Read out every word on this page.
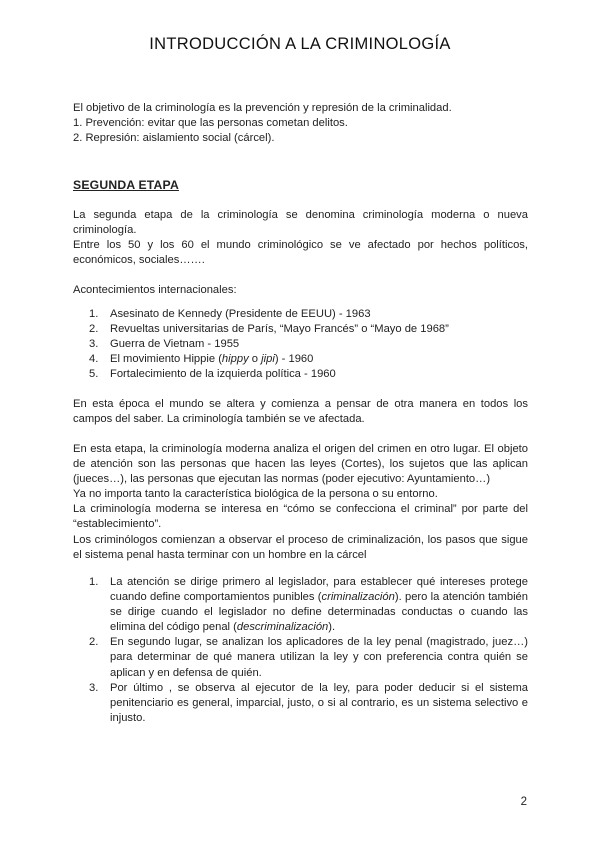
INTRODUCCIÓN A LA CRIMINOLOGÍA

El objetivo de la criminología es la prevención y represión de la criminalidad.

1. Prevención: evitar que las personas cometan delitos.

2. Represión: aislamiento social (cárcel).

SEGUNDA ETAPA

La segunda etapa de la criminología se denomina criminología moderna o nueva criminología.

Entre los 50 y los 60 el mundo criminológico se ve afectado por hechos políticos, económicos, sociales…….

Acontecimientos internacionales:
1. Asesinato de Kennedy (Presidente de EEUU) - 1963
2. Revueltas universitarias de París, “Mayo Francés” o “Mayo de 1968”
3. Guerra de Vietnam - 1955
4. El movimiento Hippie (hippy o jipi) - 1960
5. Fortalecimiento de la izquierda política - 1960
En esta época el mundo se altera y comienza a pensar de otra manera en todos los campos del saber. La criminología también se ve afectada.

En esta etapa, la criminología moderna analiza el origen del crimen en otro lugar. El objeto de atención son las personas que hacen las leyes (Cortes), los sujetos que las aplican (jueces…), las personas que ejecutan las normas (poder ejecutivo: Ayuntamiento…)

Ya no importa tanto la característica biológica de la persona o su entorno.

La criminología moderna se interesa en “cómo se confecciona el criminal” por parte del “establecimiento”.

Los criminólogos comienzan a observar el proceso de criminalización, los pasos que sigue el sistema penal hasta terminar con un hombre en la cárcel

1. La atención se dirige primero al legislador, para establecer qué intereses protege cuando define comportamientos punibles (criminalización). pero la atención también se dirige cuando el legislador no define determinadas conductas o cuando las elimina del código penal (descriminalización).
2. En segundo lugar, se analizan los aplicadores de la ley penal (magistrado, juez…) para determinar de qué manera utilizan la ley y con preferencia contra quién se aplican y en defensa de quién.
3. Por último , se observa al ejecutor de la ley, para poder deducir si el sistema penitenciario es general, imparcial, justo, o si al contrario, es un sistema selectivo e injusto.
2
